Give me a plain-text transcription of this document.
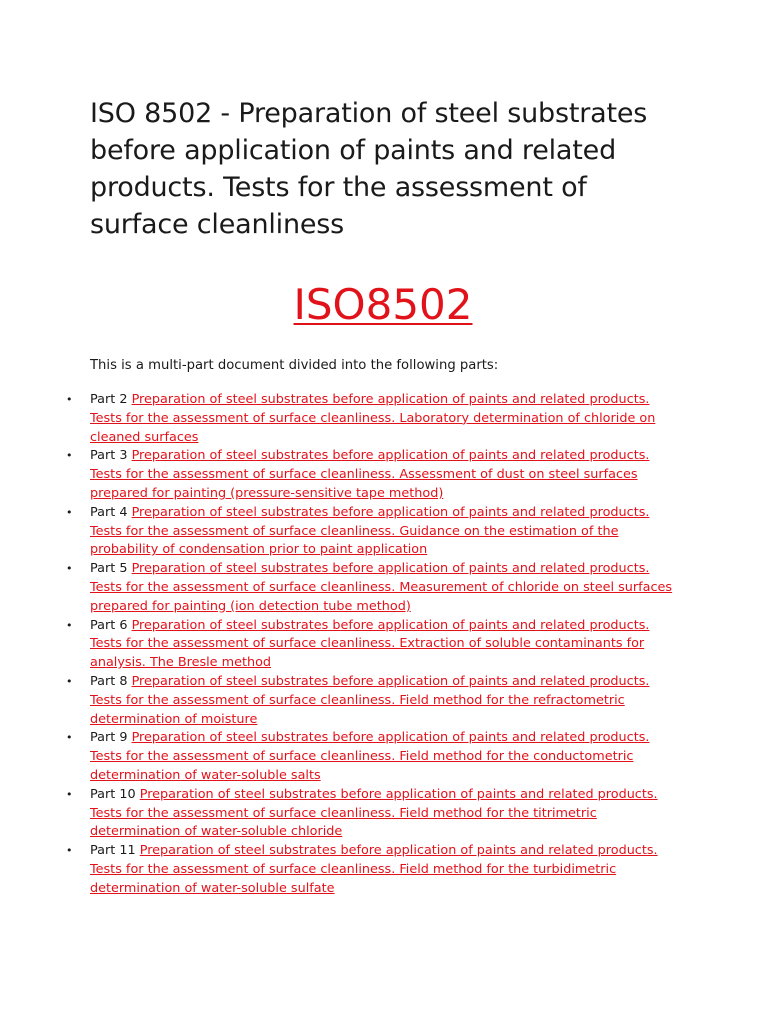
ISO 8502 - Preparation of steel substrates before application of paints and related products. Tests for the assessment of surface cleanliness
ISO8502

This is a multi-part document divided into the following parts:

• Part 2 Preparation of steel substrates before application of paints and related products. Tests for the assessment of surface cleanliness. Laboratory determination of chloride on cleaned surfaces
• Part 3 Preparation of steel substrates before application of paints and related products. Tests for the assessment of surface cleanliness. Assessment of dust on steel surfaces prepared for painting (pressure-sensitive tape method)
• Part 4 Preparation of steel substrates before application of paints and related products. Tests for the assessment of surface cleanliness. Guidance on the estimation of the probability of condensation prior to paint application
• Part 5 Preparation of steel substrates before application of paints and related products. Tests for the assessment of surface cleanliness. Measurement of chloride on steel surfaces prepared for painting (ion detection tube method)
• Part 6 Preparation of steel substrates before application of paints and related products. Tests for the assessment of surface cleanliness. Extraction of soluble contaminants for analysis. The Bresle method
• Part 8 Preparation of steel substrates before application of paints and related products. Tests for the assessment of surface cleanliness. Field method for the refractometric determination of moisture
• Part 9 Preparation of steel substrates before application of paints and related products. Tests for the assessment of surface cleanliness. Field method for the conductometric determination of water-soluble salts
• Part 10 Preparation of steel substrates before application of paints and related products. Tests for the assessment of surface cleanliness. Field method for the titrimetric determination of water-soluble chloride
• Part 11 Preparation of steel substrates before application of paints and related products. Tests for the assessment of surface cleanliness. Field method for the turbidimetric determination of water-soluble sulfate
